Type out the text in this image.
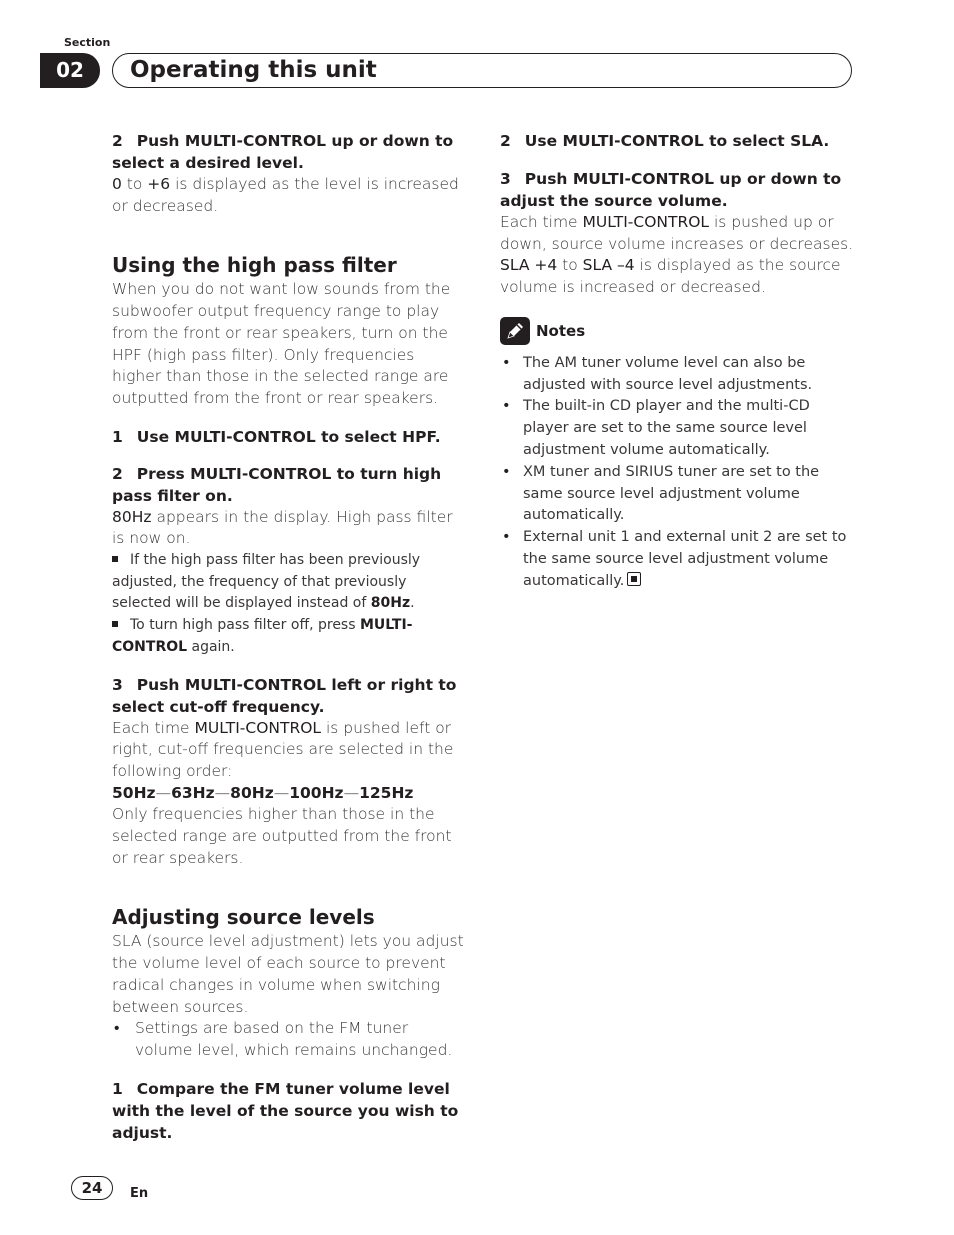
Section
02	Operating this unit

2 Push MULTI-CONTROL up or down to select a desired level.

0 to +6 is displayed as the level is increased or decreased.

Using the high pass filter

When you do not want low sounds from the subwoofer output frequency range to play from the front or rear speakers, turn on the HPF (high pass filter). Only frequencies higher than those in the selected range are outputted from the front or rear speakers.

1 Use MULTI-CONTROL to select HPF.

2 Press MULTI-CONTROL to turn high pass filter on.

80Hz appears in the display. High pass filter is now on.

If the high pass filter has been previously adjusted, the frequency of that previously selected will be displayed instead of 80Hz.

To turn high pass filter off, press MULTI-CONTROL again.

3 Push MULTI-CONTROL left or right to select cut-off frequency.

Each time MULTI-CONTROL is pushed left or right, cut-off frequencies are selected in the following order:

50Hz—63Hz—80Hz—100Hz—125Hz

Only frequencies higher than those in the selected range are outputted from the front or rear speakers.

Adjusting source levels

SLA (source level adjustment) lets you adjust the volume level of each source to prevent radical changes in volume when switching between sources.

• Settings are based on the FM tuner volume level, which remains unchanged.

1 Compare the FM tuner volume level with the level of the source you wish to adjust.

2 Use MULTI-CONTROL to select SLA.

3 Push MULTI-CONTROL up or down to adjust the source volume.

Each time MULTI-CONTROL is pushed up or down, source volume increases or decreases.

SLA +4 to SLA –4 is displayed as the source volume is increased or decreased.

Notes

• The AM tuner volume level can also be adjusted with source level adjustments.

• The built-in CD player and the multi-CD player are set to the same source level adjustment volume automatically.

• XM tuner and SIRIUS tuner are set to the same source level adjustment volume automatically.

• External unit 1 and external unit 2 are set to the same source level adjustment volume automatically.

24	En
